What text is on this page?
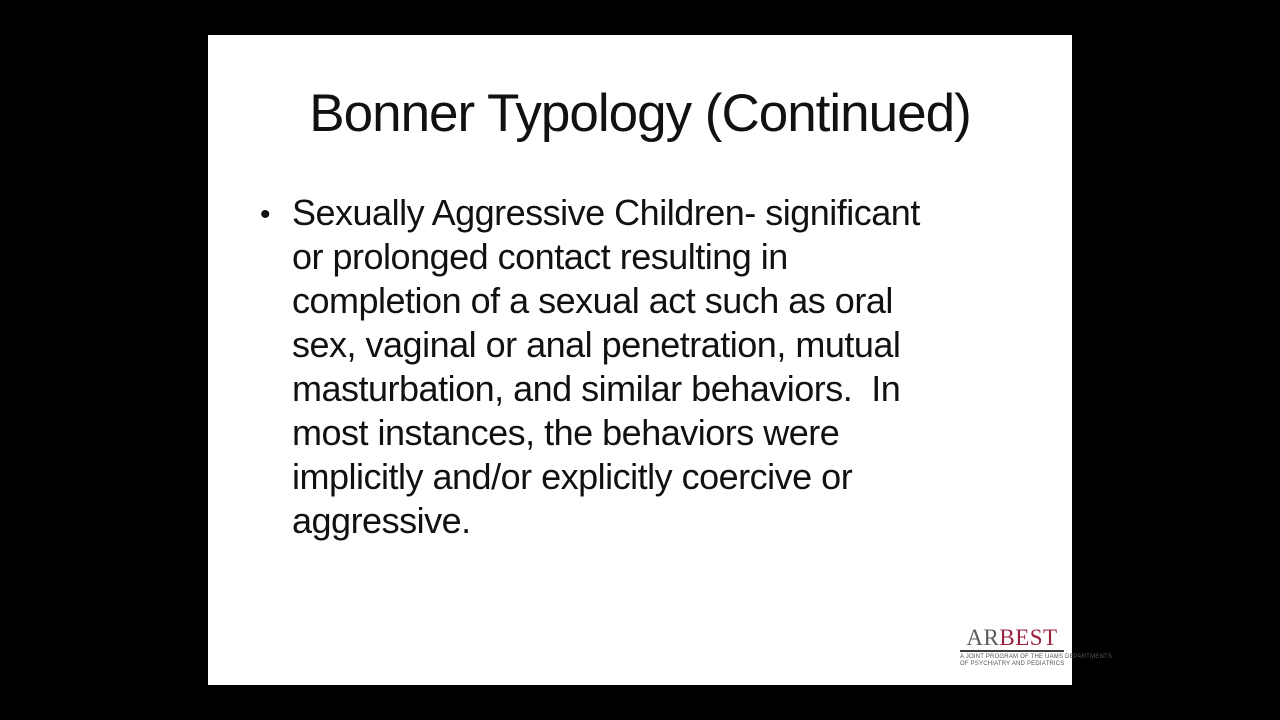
Bonner Typology (Continued)
• Sexually Aggressive Children- significant
or prolonged contact resulting in
completion of a sexual act such as oral
sex, vaginal or anal penetration, mutual
masturbation, and similar behaviors.  In
most instances, the behaviors were
implicitly and/or explicitly coercive or
aggressive.
ARBEST
A JOINT PROGRAM OF THE UAMS DEPARTMENTS
OF PSYCHIATRY AND PEDIATRICS
